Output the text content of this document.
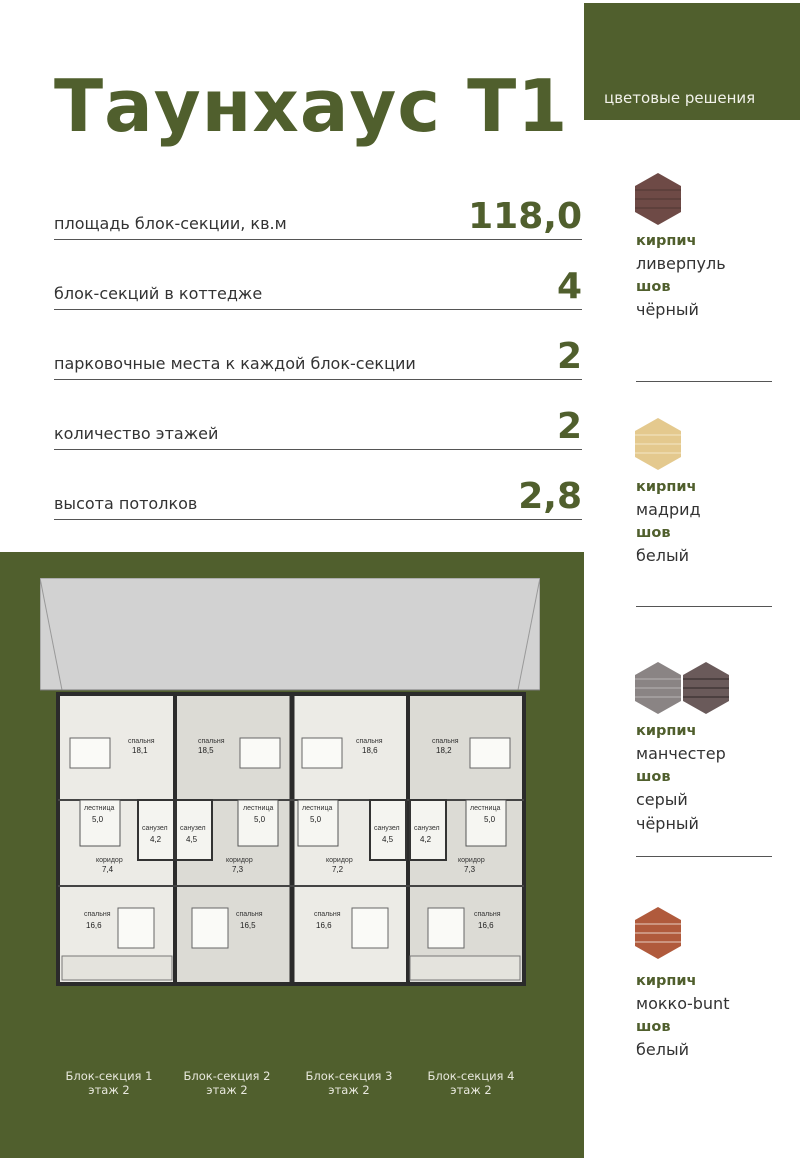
Таунхаус Т1 цветовые решения
площадь блок-секции, кв.м	118,0
блок-секций в коттедже	4
парковочные места к каждой блок-секции	2
количество этажей	2
высота потолков	2,8
спальня
18,1
лестница
5,0
санузел
4,2
коридор
7,4
спальня
16,6
спальня
18,5
лестница
5,0
санузел
4,5
коридор
7,3
спальня
16,5
спальня
18,6
лестница
5,0
санузел
4,5
коридор
7,2
спальня
16,6
спальня
18,2
лестница
5,0
санузел
4,2
коридор
7,3
спальня
16,6
Блок-секция 1
этаж 2
Блок-секция 2
этаж 2
Блок-секция 3
этаж 2
Блок-секция 4
этаж 2
кирпич
ливерпуль
шов
чёрный
кирпич
мадрид
шов
белый
кирпич
манчестер
шов
серый
чёрный
кирпич
мокко-bunt
шов
белый
